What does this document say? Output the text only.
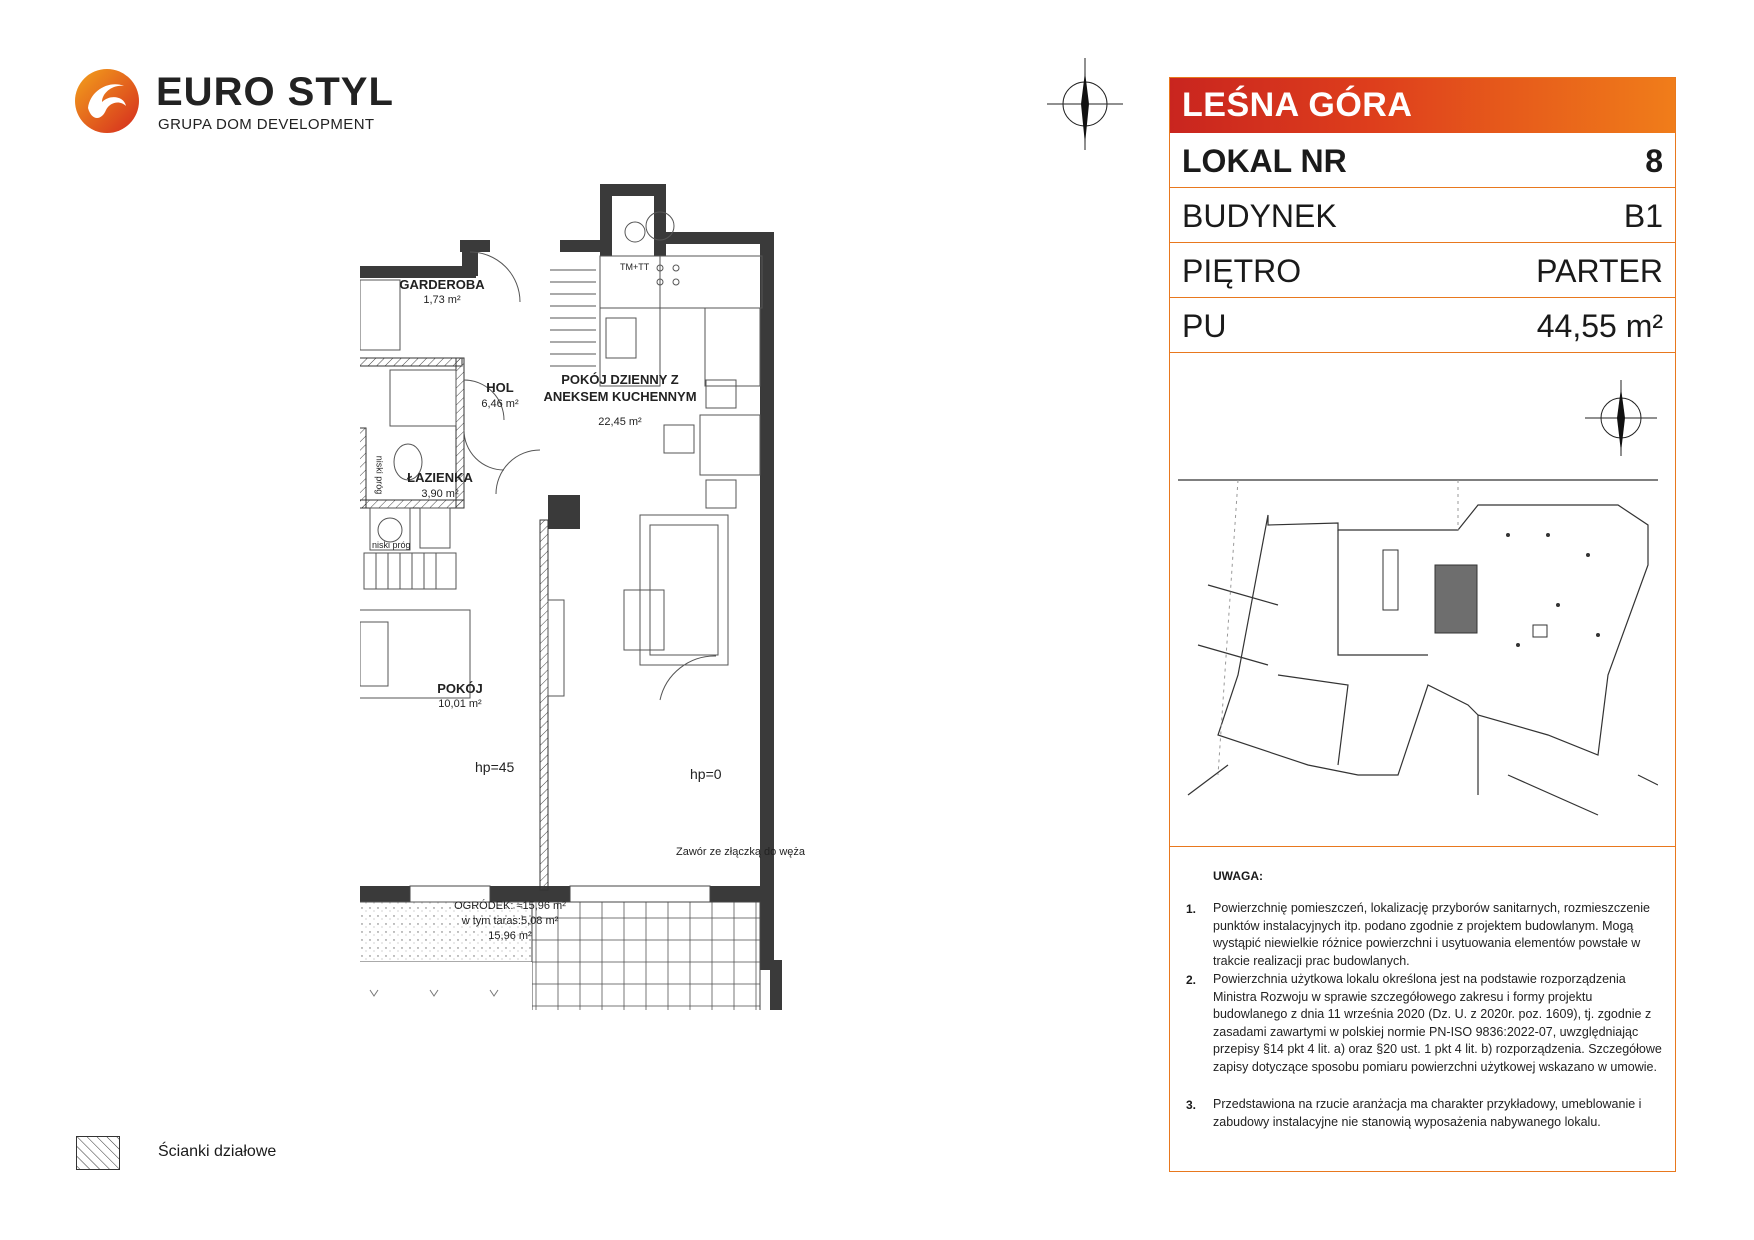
EURO STYL
GRUPA DOM DEVELOPMENT
GARDEROBA
1,73 m²
HOL
6,46 m²
POKÓJ DZIENNY Z
ANEKSEM KUCHENNYM
22,45 m²
ŁAZIENKA
3,90 m²
POKÓJ
10,01 m²
hp=45	hp=0
Zawór ze złączką do węża
TM+TT
niski próg
niski próg
OGRÓDEK: ≈15,96 m²
w tym taras:5,08 m²
15,96 m²
LEŚNA GÓRA
LOKAL NR	8
BUDYNEK	B1
PIĘTRO	PARTER
PU	44,55 m²
UWAGA:
1. Powierzchnię pomieszczeń, lokalizację przyborów sanitarnych, rozmieszczenie punktów instalacyjnych itp. podano zgodnie z projektem budowlanym. Mogą wystąpić niewielkie różnice powierzchni i usytuowania elementów powstałe w trakcie realizacji prac budowlanych.
2. Powierzchnia użytkowa lokalu określona jest na podstawie rozporządzenia Ministra Rozwoju w sprawie szczegółowego zakresu i formy projektu budowlanego z dnia 11 września 2020 (Dz. U. z 2020r. poz. 1609), tj. zgodnie z zasadami zawartymi w polskiej normie PN-ISO 9836:2022-07, uwzględniając przepisy §14 pkt 4 lit. a) oraz §20 ust. 1 pkt 4 lit. b) rozporządzenia. Szczegółowe zapisy dotyczące sposobu pomiaru powierzchni użytkowej wskazano w umowie.
3. Przedstawiona na rzucie aranżacja ma charakter przykładowy, umeblowanie i zabudowy instalacyjne nie stanowią wyposażenia nabywanego lokalu.
Ścianki działowe
